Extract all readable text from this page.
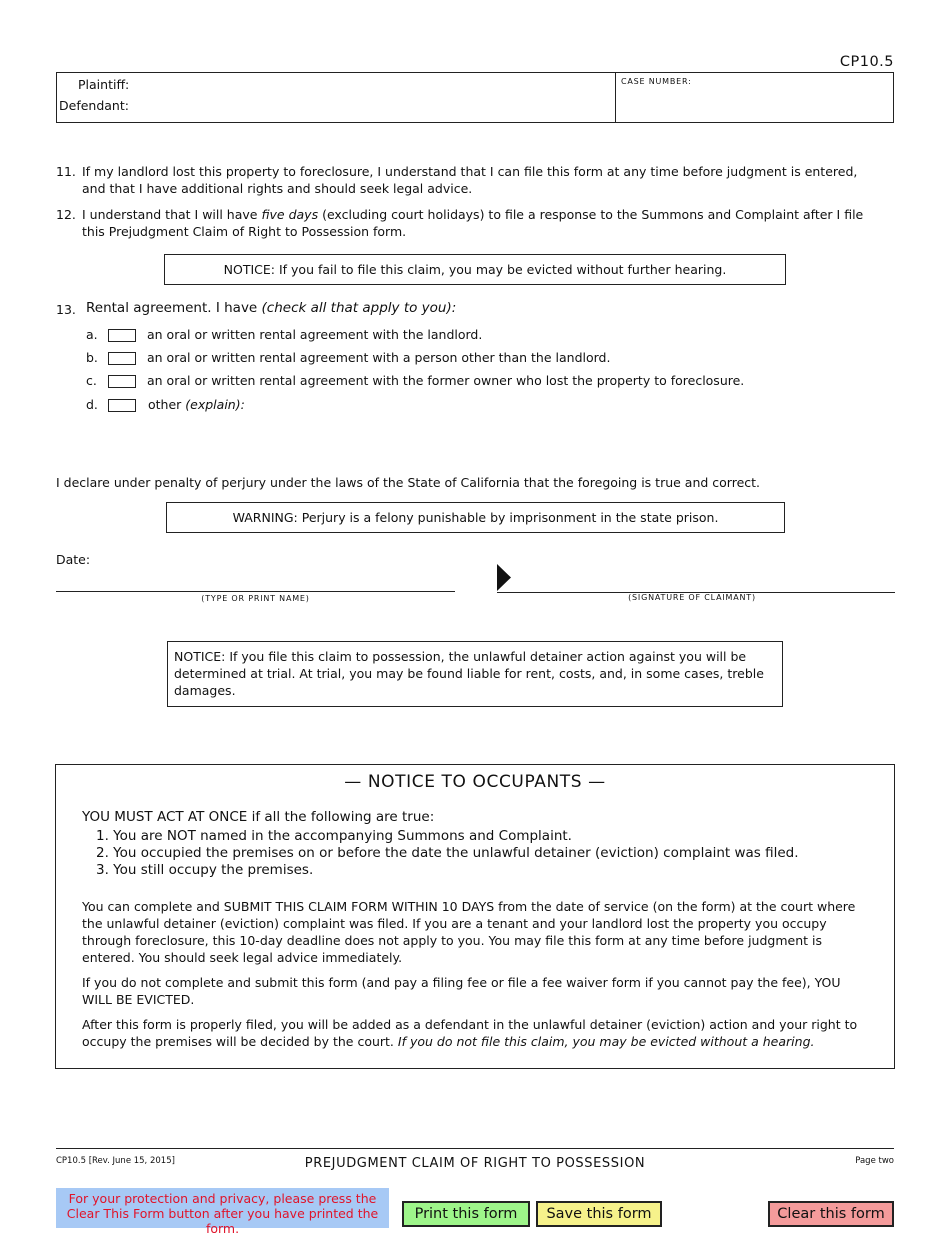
CP10.5
Plaintiff:
Defendant:
CASE NUMBER:
11. If my landlord lost this property to foreclosure, I understand that I can file this form at any time before judgment is entered, and that I have additional rights and should seek legal advice.
12. I understand that I will have five days (excluding court holidays) to file a response to the Summons and Complaint after I file this Prejudgment Claim of Right to Possession form.
NOTICE: If you fail to file this claim, you may be evicted without further hearing.
13. Rental agreement. I have (check all that apply to you):
a.	an oral or written rental agreement with the landlord.
b.	an oral or written rental agreement with a person other than the landlord.
c.	an oral or written rental agreement with the former owner who lost the property to foreclosure.
d.	other (explain):
I declare under penalty of perjury under the laws of the State of California that the foregoing is true and correct.
WARNING: Perjury is a felony punishable by imprisonment in the state prison.
Date:
(TYPE OR PRINT NAME)	(SIGNATURE OF CLAIMANT)
NOTICE: If you file this claim to possession, the unlawful detainer action against you will be determined at trial. At trial, you may be found liable for rent, costs, and, in some cases, treble damages.
— NOTICE TO OCCUPANTS —

YOU MUST ACT AT ONCE if all the following are true:

1. You are NOT named in the accompanying Summons and Complaint.
2. You occupied the premises on or before the date the unlawful detainer (eviction) complaint was filed.
3. You still occupy the premises.

You can complete and SUBMIT THIS CLAIM FORM WITHIN 10 DAYS from the date of service (on the form) at the court where the unlawful detainer (eviction) complaint was filed. If you are a tenant and your landlord lost the property you occupy through foreclosure, this 10-day deadline does not apply to you. You may file this form at any time before judgment is entered. You should seek legal advice immediately.

If you do not complete and submit this form (and pay a filing fee or file a fee waiver form if you cannot pay the fee), YOU WILL BE EVICTED.

After this form is properly filed, you will be added as a defendant in the unlawful detainer (eviction) action and your right to occupy the premises will be decided by the court. If you do not file this claim, you may be evicted without a hearing.

CP10.5 [Rev. June 15, 2015]	PREJUDGMENT CLAIM OF RIGHT TO POSSESSION	Page two
For your protection and privacy, please press the Clear This Form button after you have printed the form.
Print this form	Save this form	Clear this form
